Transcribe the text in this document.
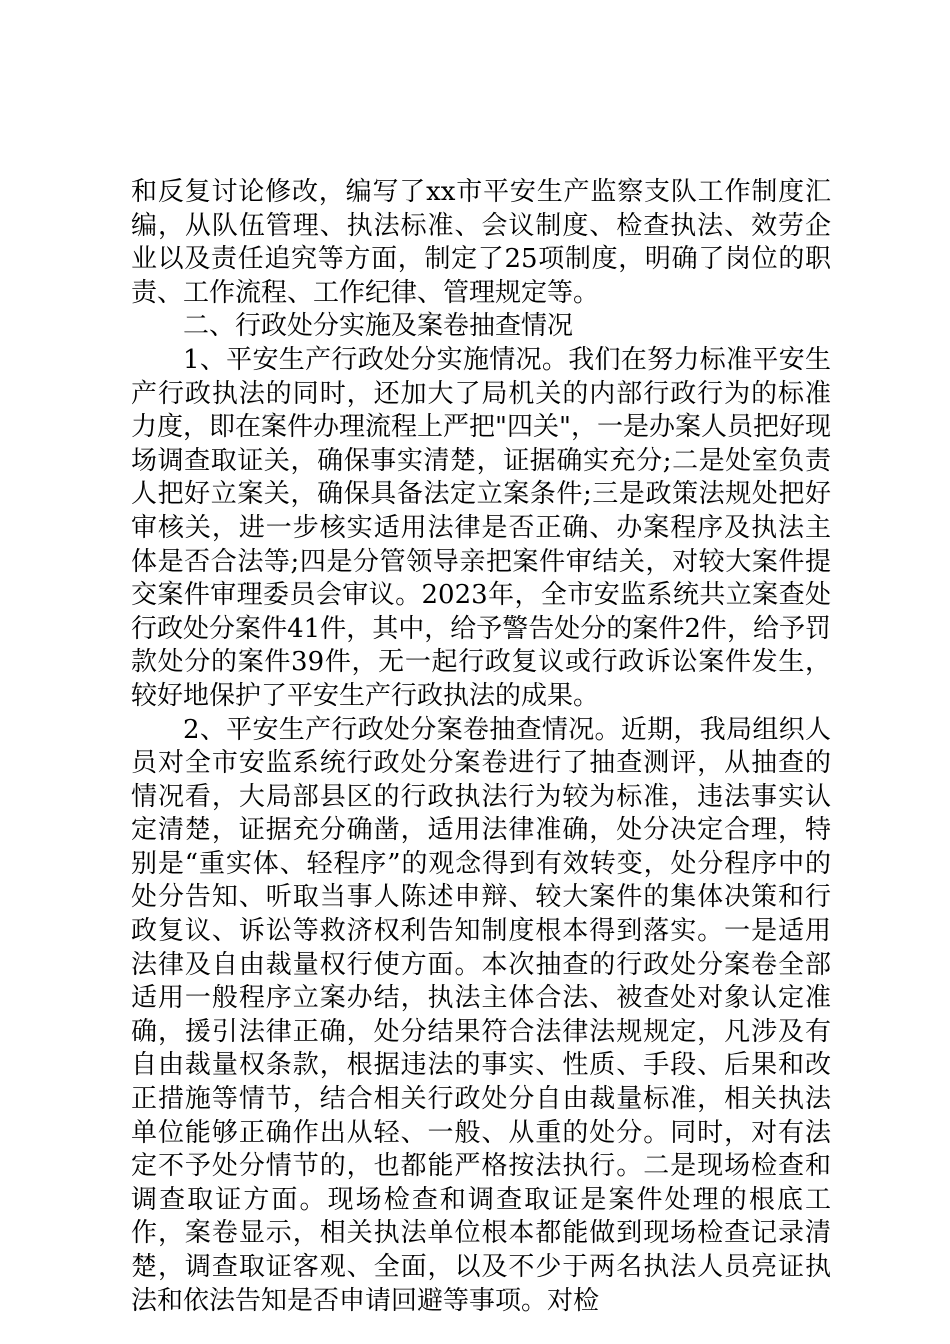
和反复讨论修改，编写了xx市平安生产监察支队工作制度汇编，从队伍管理、执法标准、会议制度、检查执法、效劳企业以及责任追究等方面，制定了25项制度，明确了岗位的职责、工作流程、工作纪律、管理规定等。

二、行政处分实施及案卷抽查情况

1、平安生产行政处分实施情况。我们在努力标准平安生产行政执法的同时，还加大了局机关的内部行政行为的标准力度，即在案件办理流程上严把"四关"，一是办案人员把好现场调查取证关，确保事实清楚，证据确实充分;二是处室负责人把好立案关，确保具备法定立案条件;三是政策法规处把好审核关，进一步核实适用法律是否正确、办案程序及执法主体是否合法等;四是分管领导亲把案件审结关，对较大案件提交案件审理委员会审议。2023年，全市安监系统共立案查处行政处分案件41件，其中，给予警告处分的案件2件，给予罚款处分的案件39件，无一起行政复议或行政诉讼案件发生，较好地保护了平安生产行政执法的成果。

2、平安生产行政处分案卷抽查情况。近期，我局组织人员对全市安监系统行政处分案卷进行了抽查测评，从抽查的情况看，大局部县区的行政执法行为较为标准，违法事实认定清楚，证据充分确凿，适用法律准确，处分决定合理，特别是“重实体、轻程序”的观念得到有效转变，处分程序中的处分告知、听取当事人陈述申辩、较大案件的集体决策和行政复议、诉讼等救济权利告知制度根本得到落实。一是适用法律及自由裁量权行使方面。本次抽查的行政处分案卷全部适用一般程序立案办结，执法主体合法、被查处对象认定准确，援引法律正确，处分结果符合法律法规规定，凡涉及有自由裁量权条款，根据违法的事实、性质、手段、后果和改正措施等情节，结合相关行政处分自由裁量标准，相关执法单位能够正确作出从轻、一般、从重的处分。同时，对有法定不予处分情节的，也都能严格按法执行。二是现场检查和调查取证方面。现场检查和调查取证是案件处理的根底工作，案卷显示，相关执法单位根本都能做到现场检查记录清楚，调查取证客观、全面，以及不少于两名执法人员亮证执法和依法告知是否申请回避等事项。对检
